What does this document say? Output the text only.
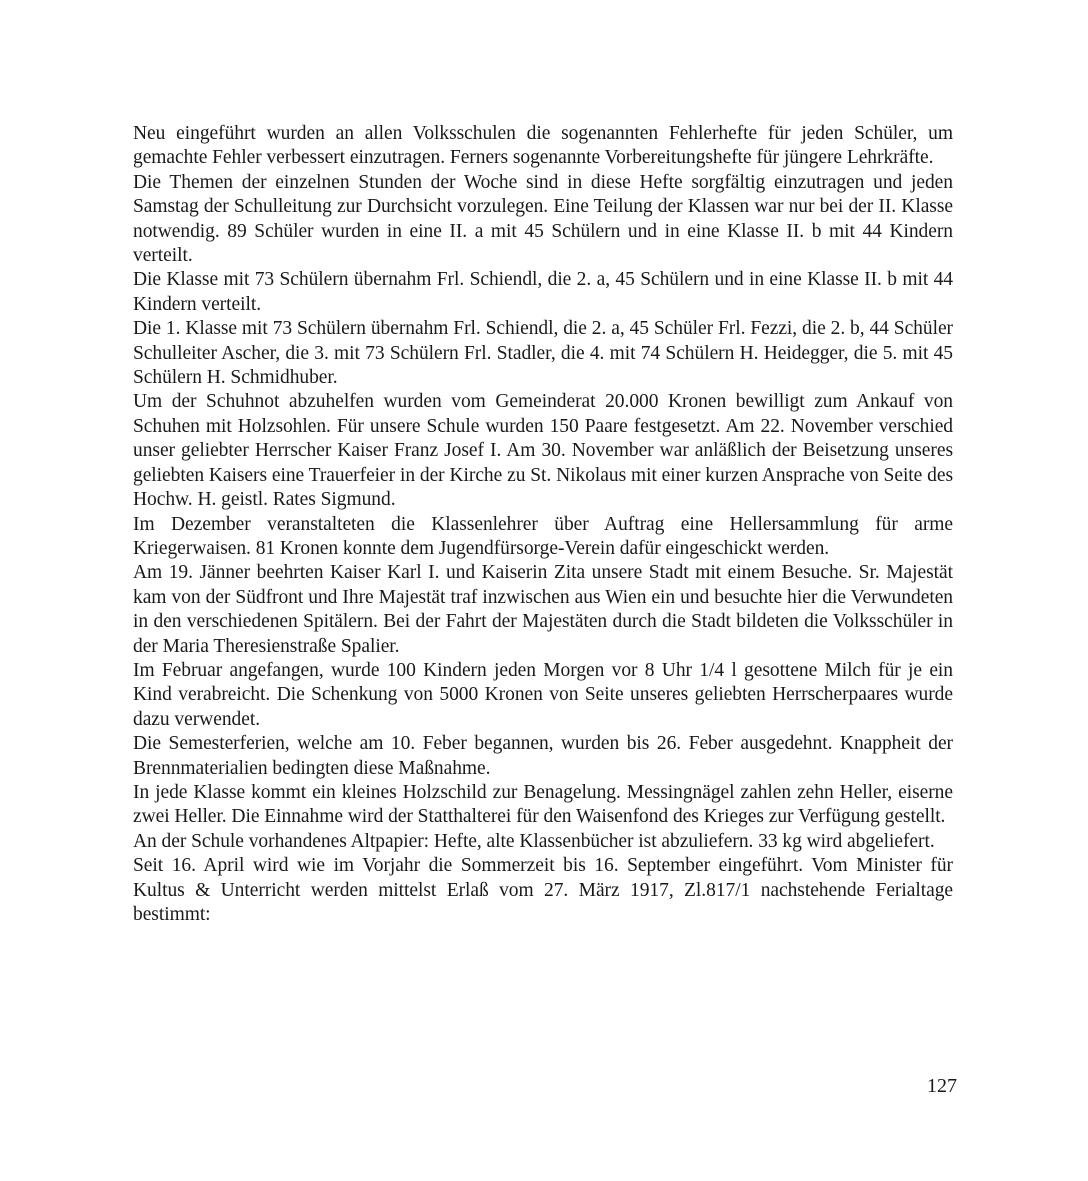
Neu eingeführt wurden an allen Volksschulen die sogenannten Fehlerhefte für jeden Schüler, um gemachte Fehler verbessert einzutragen. Ferners sogenannte Vorbereitungshefte für jüngere Lehrkräfte.

Die Themen der einzelnen Stunden der Woche sind in diese Hefte sorgfältig einzutragen und jeden Samstag der Schulleitung zur Durchsicht vorzulegen. Eine Teilung der Klassen war nur bei der II. Klasse notwendig. 89 Schüler wurden in eine II. a mit 45 Schülern und in eine Klasse II. b mit 44 Kindern verteilt.

Die Klasse mit 73 Schülern übernahm Frl. Schiendl, die 2. a, 45 Schülern und in eine Klasse II. b mit 44 Kindern verteilt.

Die 1. Klasse mit 73 Schülern übernahm Frl. Schiendl, die 2. a, 45 Schüler Frl. Fezzi, die 2. b, 44 Schüler Schulleiter Ascher, die 3. mit 73 Schülern Frl. Stadler, die 4. mit 74 Schülern H. Heidegger, die 5. mit 45 Schülern H. Schmidhuber.

Um der Schuhnot abzuhelfen wurden vom Gemeinderat 20.000 Kronen bewilligt zum Ankauf von Schuhen mit Holzsohlen. Für unsere Schule wurden 150 Paare festgesetzt. Am 22. November verschied unser geliebter Herrscher Kaiser Franz Josef I. Am 30. November war anläßlich der Beisetzung unseres geliebten Kaisers eine Trauerfeier in der Kirche zu St. Nikolaus mit einer kurzen Ansprache von Seite des Hochw. H. geistl. Rates Sigmund.

Im Dezember veranstalteten die Klassenlehrer über Auftrag eine Hellersammlung für arme Kriegerwaisen. 81 Kronen konnte dem Jugendfürsorge-Verein dafür eingeschickt werden.

Am 19. Jänner beehrten Kaiser Karl I. und Kaiserin Zita unsere Stadt mit einem Besuche. Sr. Majestät kam von der Südfront und Ihre Majestät traf inzwischen aus Wien ein und besuchte hier die Verwundeten in den verschiedenen Spitälern. Bei der Fahrt der Majestäten durch die Stadt bildeten die Volksschüler in der Maria Theresienstraße Spalier.

Im Februar angefangen, wurde 100 Kindern jeden Morgen vor 8 Uhr 1/4 l gesottene Milch für je ein Kind verabreicht. Die Schenkung von 5000 Kronen von Seite unseres geliebten Herrscherpaares wurde dazu verwendet.

Die Semesterferien, welche am 10. Feber begannen, wurden bis 26. Feber ausgedehnt. Knappheit der Brennmaterialien bedingten diese Maßnahme.

In jede Klasse kommt ein kleines Holzschild zur Benagelung. Messingnägel zahlen zehn Heller, eiserne zwei Heller. Die Einnahme wird der Statthalterei für den Waisenfond des Krieges zur Verfügung gestellt.

An der Schule vorhandenes Altpapier: Hefte, alte Klassenbücher ist abzuliefern. 33 kg wird abgeliefert.

Seit 16. April wird wie im Vorjahr die Sommerzeit bis 16. September eingeführt. Vom Minister für Kultus & Unterricht werden mittelst Erlaß vom 27. März 1917, Zl.817/1 nachstehende Ferialtage bestimmt:

127
